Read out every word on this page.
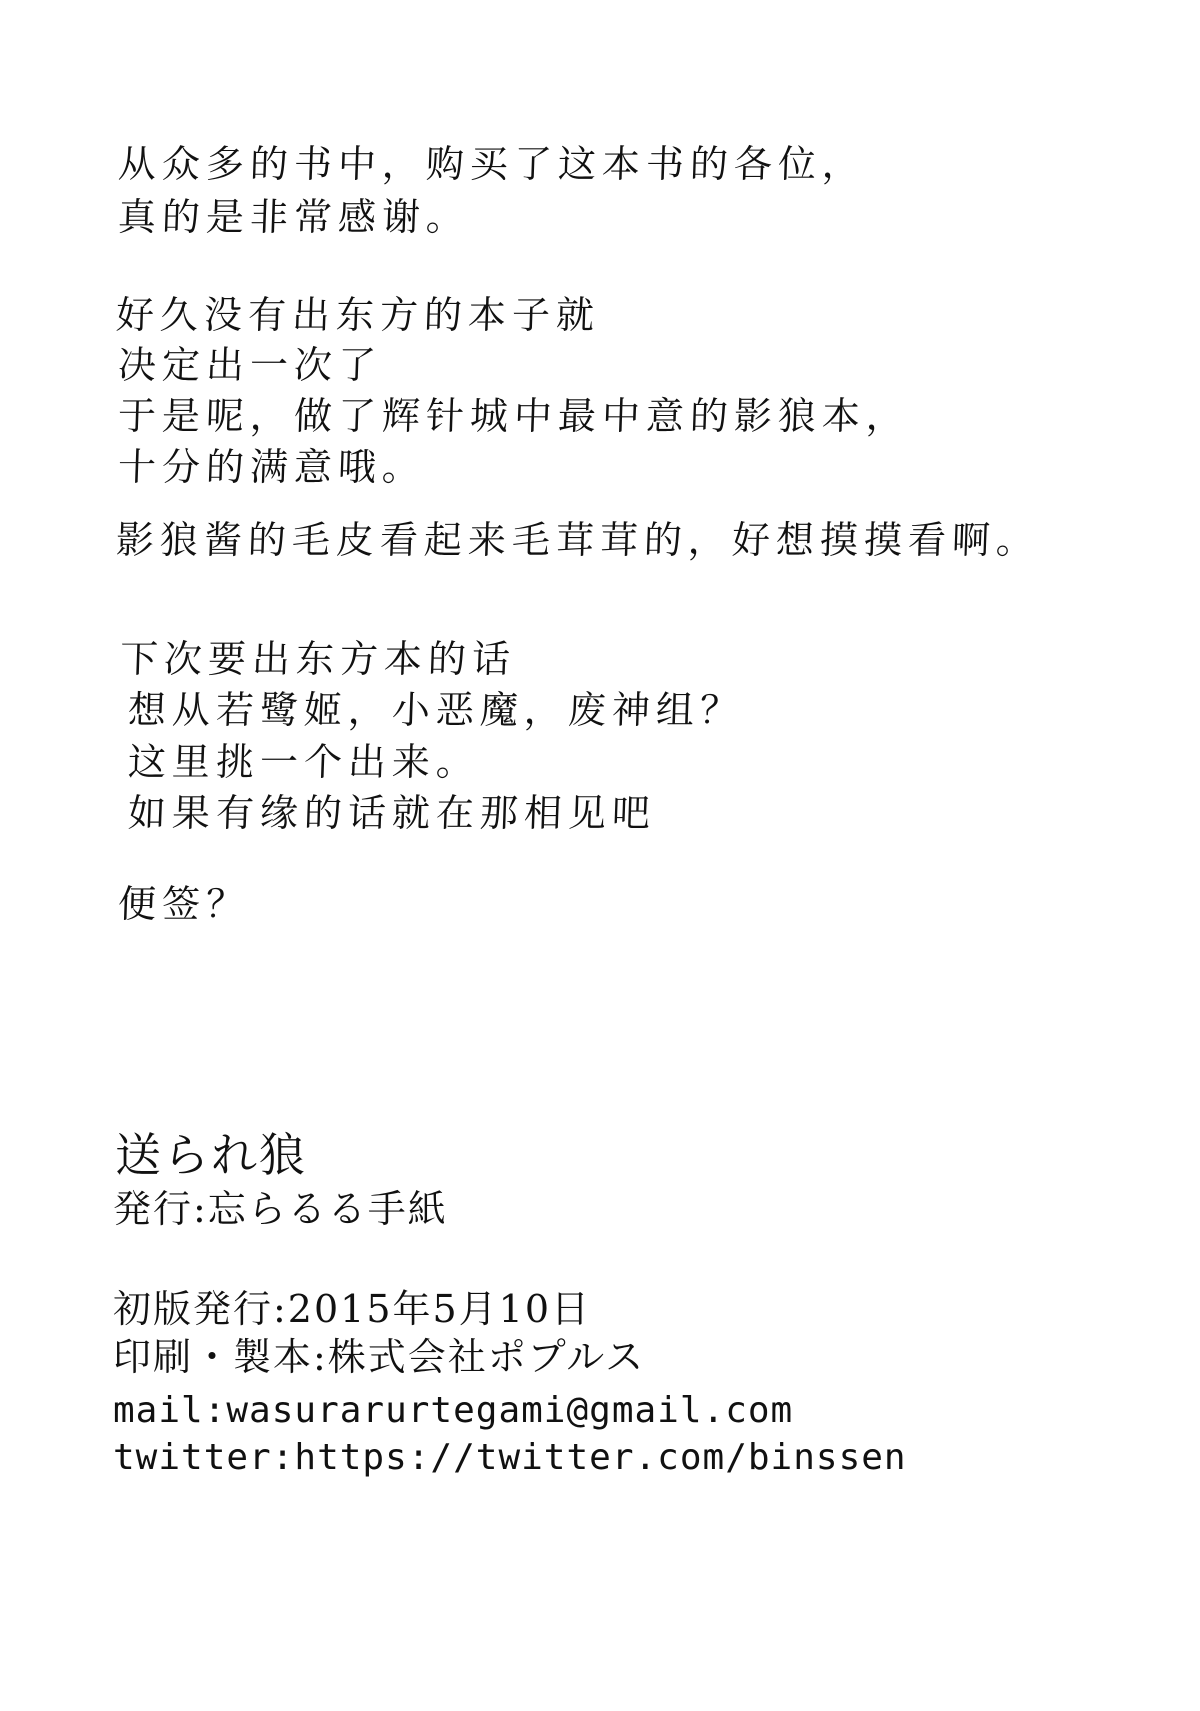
从众多的书中，购买了这本书的各位，
真的是非常感谢。
好久没有出东方的本子就
决定出一次了
于是呢，做了辉针城中最中意的影狼本，
十分的满意哦。
影狼酱的毛皮看起来毛茸茸的，好想摸摸看啊。
下次要出东方本的话
想从若鹭姬，小恶魔，废神组？
这里挑一个出来。
如果有缘的话就在那相见吧
便签？
送られ狼
発行:忘らるる手紙
初版発行:2015年5月10日
印刷・製本:株式会社ポプルス
mail:wasurarurtegami@gmail.com
twitter:https://twitter.com/binssen
